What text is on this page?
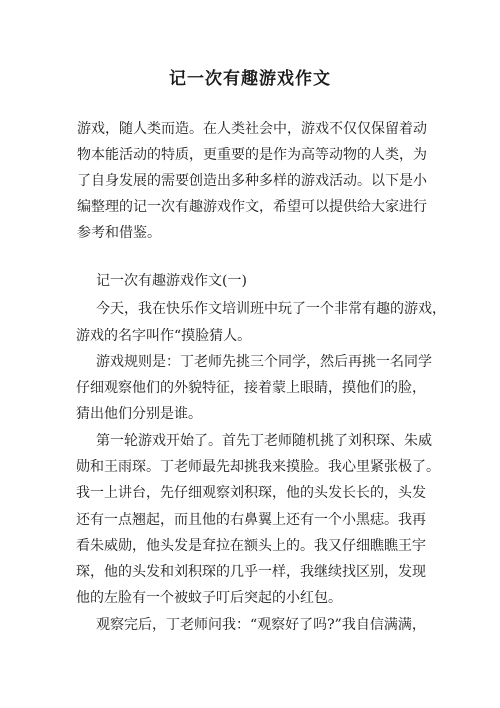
记一次有趣游戏作文
游戏，随人类而造。在人类社会中，游戏不仅仅保留着动
物本能活动的特质，更重要的是作为高等动物的人类，为
了自身发展的需要创造出多种多样的游戏活动。以下是小
编整理的记一次有趣游戏作文，希望可以提供给大家进行
参考和借鉴。
记一次有趣游戏作文(一)
今天，我在快乐作文培训班中玩了一个非常有趣的游戏，
游戏的名字叫作“摸脸猜人。
游戏规则是：丁老师先挑三个同学，然后再挑一名同学
仔细观察他们的外貌特征，接着蒙上眼睛，摸他们的脸，
猜出他们分别是谁。
第一轮游戏开始了。首先丁老师随机挑了刘积琛、朱威
勋和王雨琛。丁老师最先却挑我来摸脸。我心里紧张极了。
我一上讲台，先仔细观察刘积琛，他的头发长长的，头发
还有一点翘起，而且他的右鼻翼上还有一个小黑痣。我再
看朱威勋，他头发是耷拉在额头上的。我又仔细瞧瞧王宇
琛，他的头发和刘积琛的几乎一样，我继续找区别，发现
他的左脸有一个被蚊子叮后突起的小红包。
观察完后，丁老师问我：“观察好了吗?”我自信满满，
